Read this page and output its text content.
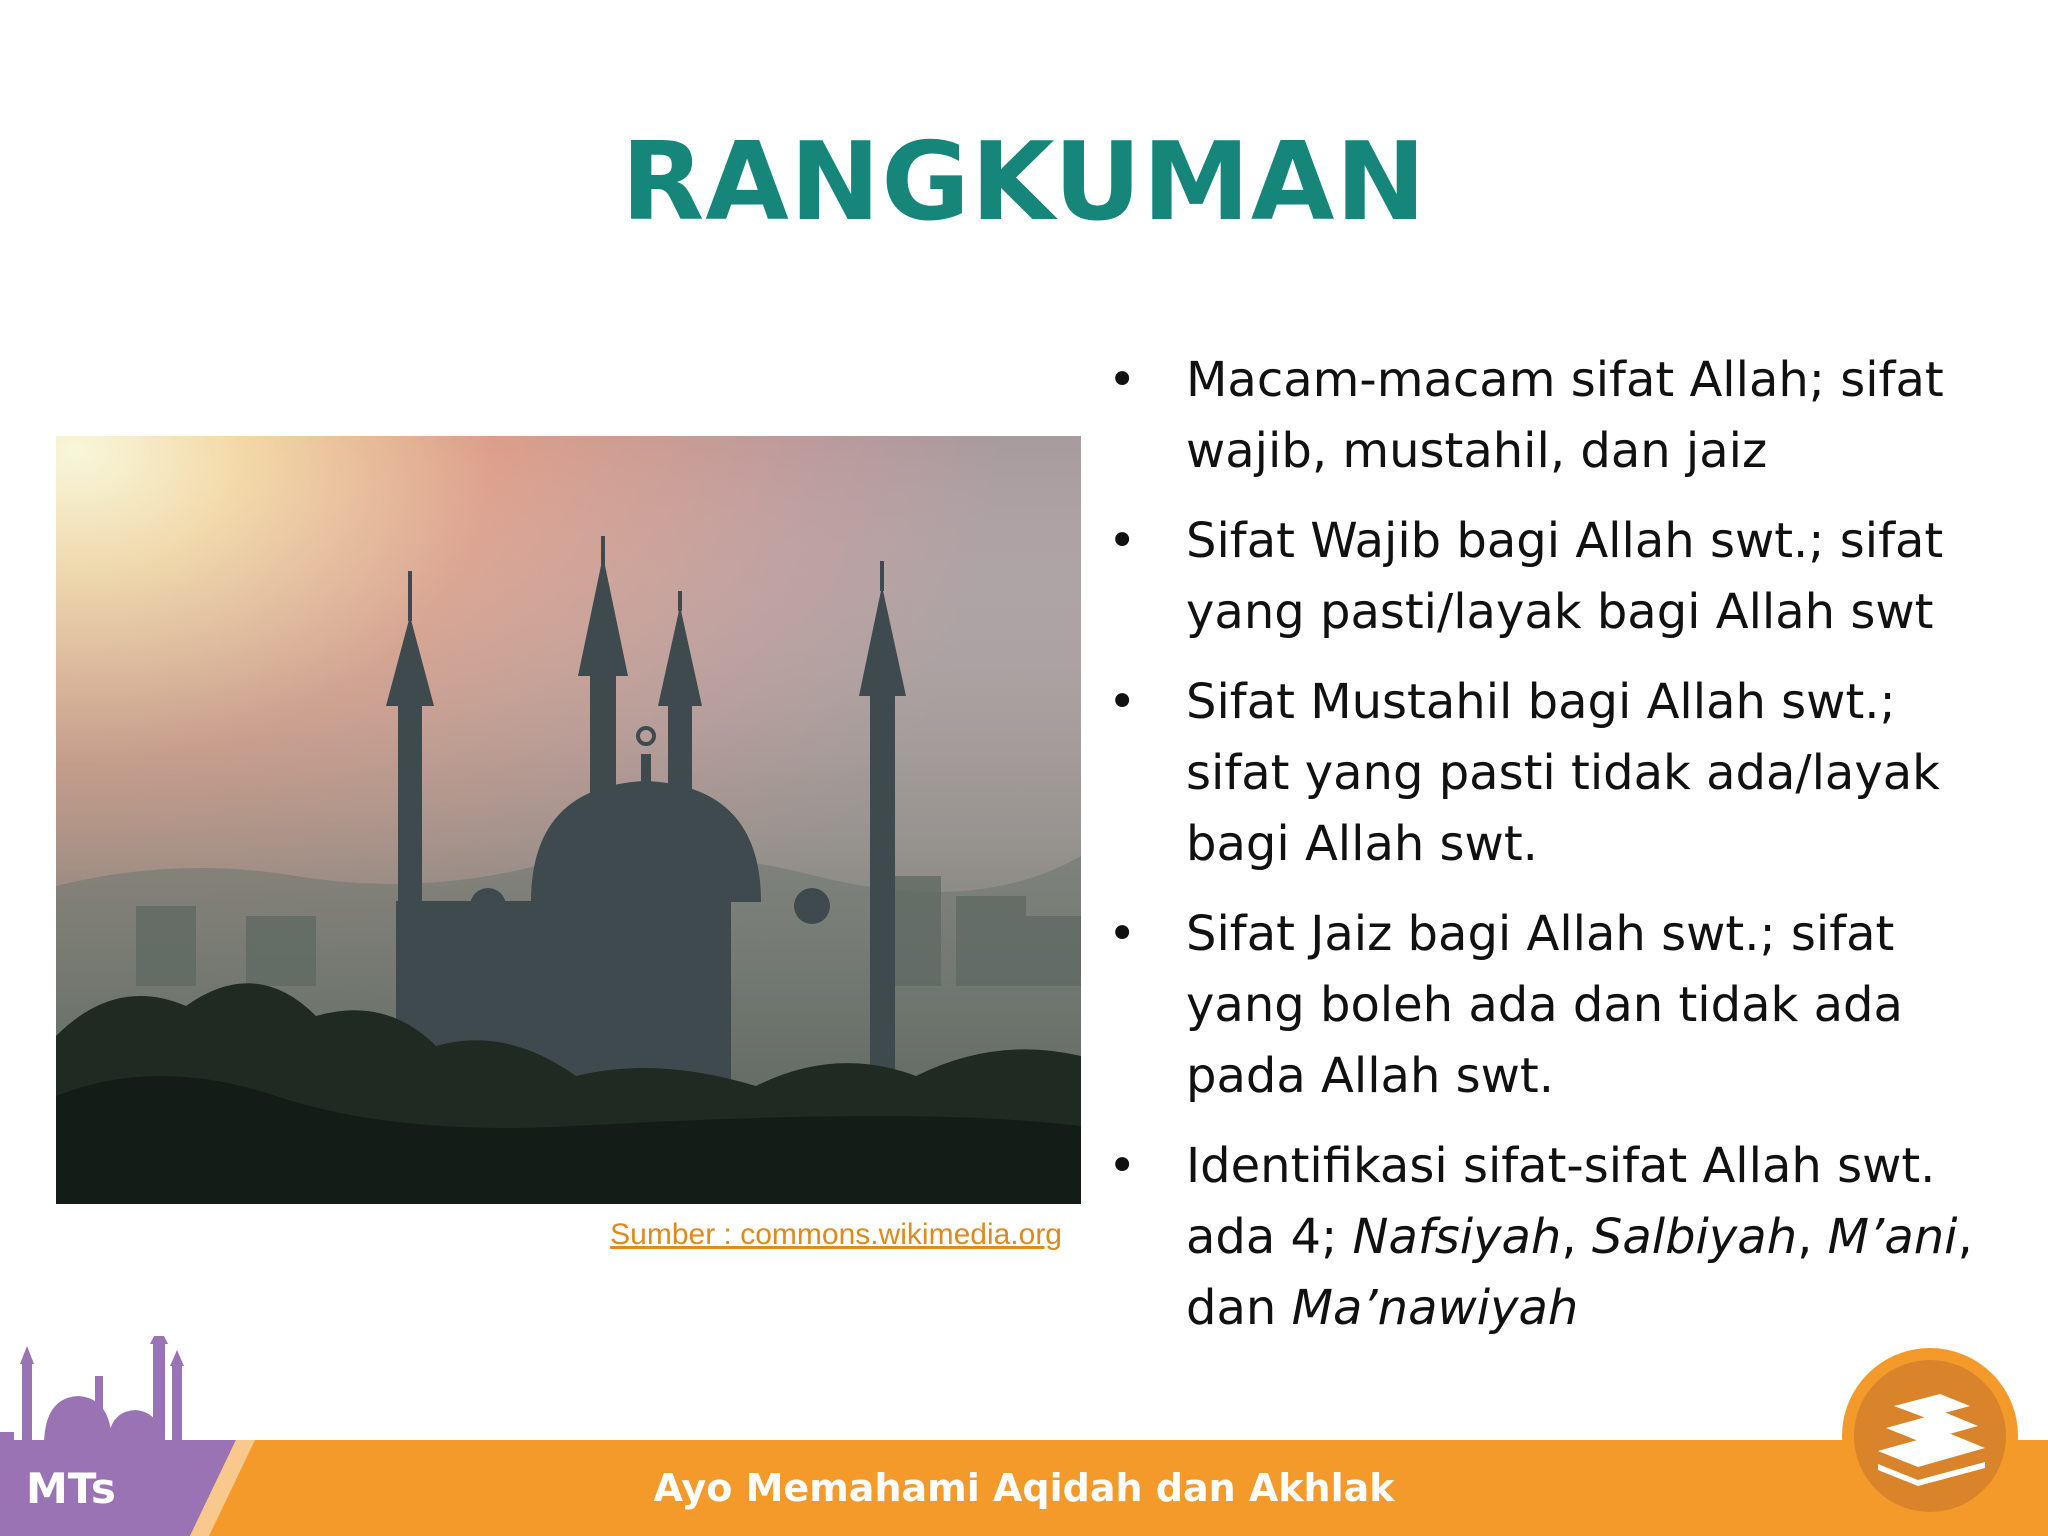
RANGKUMAN
Sumber : commons.wikimedia.org
• Macam-macam sifat Allah; sifat wajib, mustahil, dan jaiz
• Sifat Wajib bagi Allah swt.; sifat yang pasti/layak bagi Allah swt
• Sifat Mustahil bagi Allah swt.; sifat yang pasti tidak ada/layak bagi Allah swt.
• Sifat Jaiz bagi Allah swt.; sifat yang boleh ada dan tidak ada pada Allah swt.
• Identifikasi sifat-sifat Allah swt. ada 4; Nafsiyah, Salbiyah, M’ani, dan Ma’nawiyah
MTs	Ayo Memahami Aqidah dan Akhlak
